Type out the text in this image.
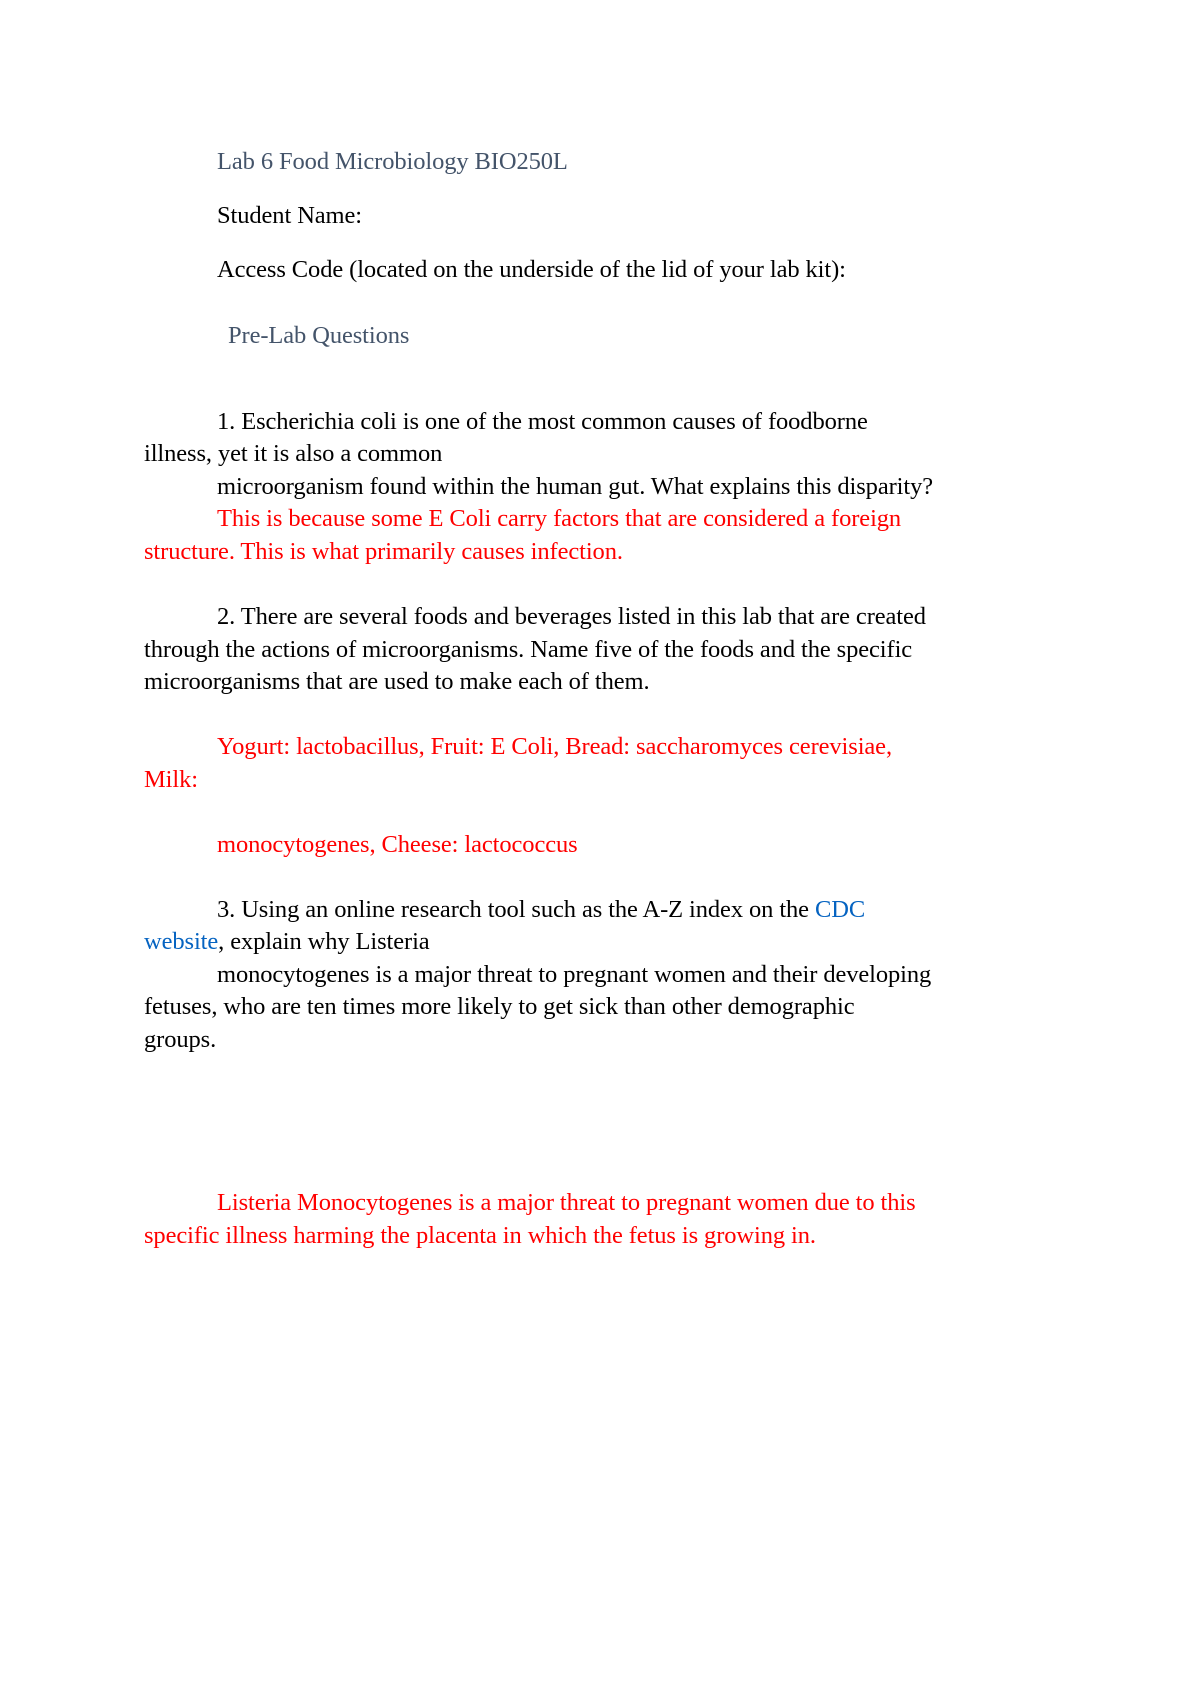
Lab 6 Food Microbiology BIO250L
Student Name:
Access Code (located on the underside of the lid of your lab kit):
Pre-Lab Questions
1. Escherichia coli is one of the most common causes of foodborne
illness, yet it is also a common
microorganism found within the human gut. What explains this disparity?
This is because some E Coli carry factors that are considered a foreign
structure. This is what primarily causes infection.
2. There are several foods and beverages listed in this lab that are created
through the actions of microorganisms. Name five of the foods and the specific
microorganisms that are used to make each of them.
Yogurt: lactobacillus, Fruit: E Coli, Bread: saccharomyces cerevisiae,
Milk:
monocytogenes, Cheese: lactococcus
3. Using an online research tool such as the A-Z index on the CDC
website, explain why Listeria
monocytogenes is a major threat to pregnant women and their developing
fetuses, who are ten times more likely to get sick than other demographic
groups.
Listeria Monocytogenes is a major threat to pregnant women due to this
specific illness harming the placenta in which the fetus is growing in.
